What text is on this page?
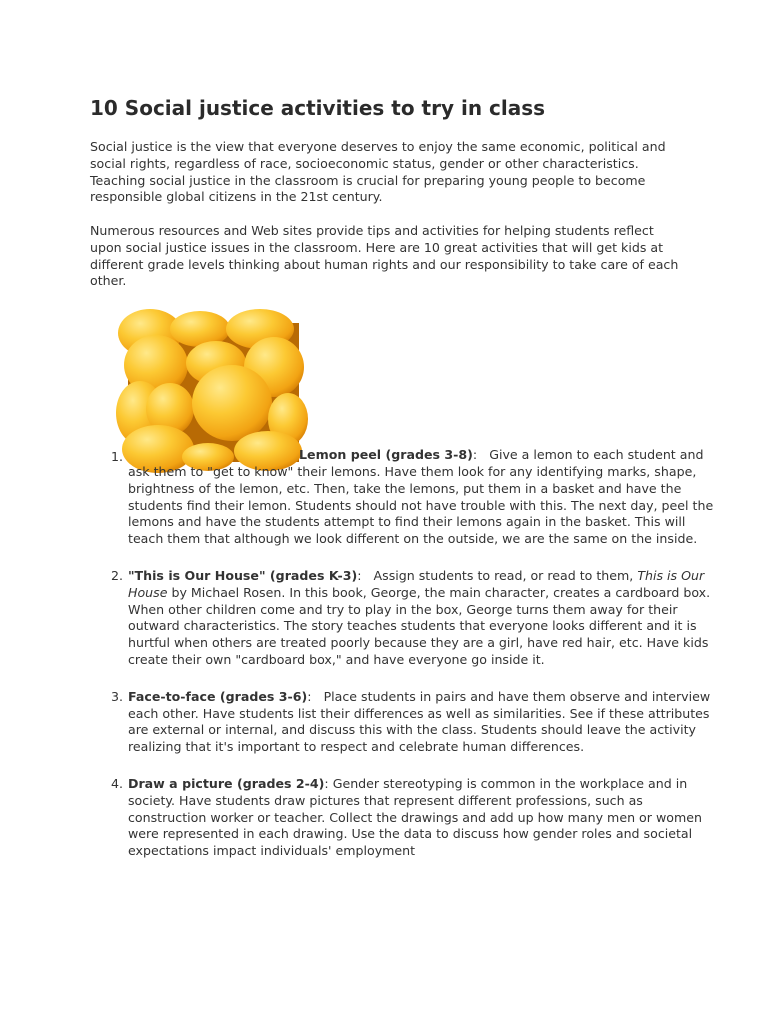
10 Social justice activities to try in class

Social justice is the view that everyone deserves to enjoy the same economic, political and social rights, regardless of race, socioeconomic status, gender or other characteristics. Teaching social justice in the classroom is crucial for preparing young people to become responsible global citizens in the 21st century.

Numerous resources and Web sites provide tips and activities for helping students reflect upon social justice issues in the classroom. Here are 10 great activities that will get kids at different grade levels thinking about human rights and our responsibility to take care of each other.

1.	Lemon peel (grades 3-8): Give a lemon to each student and ask them to "get to know" their lemons. Have them look for any identifying marks, shape, brightness of the lemon, etc. Then, take the lemons, put them in a basket and have the students find their lemon. Students should not have trouble with this. The next day, peel the lemons and have the students attempt to find their lemons again in the basket. This will teach them that although we look different on the outside, we are the same on the inside.
2. "This is Our House" (grades K-3): Assign students to read, or read to them, This is Our House by Michael Rosen. In this book, George, the main character, creates a cardboard box. When other children come and try to play in the box, George turns them away for their outward characteristics. The story teaches students that everyone looks different and it is hurtful when others are treated poorly because they are a girl, have red hair, etc. Have kids create their own "cardboard box," and have everyone go inside it.
3. Face-to-face (grades 3-6): Place students in pairs and have them observe and interview each other. Have students list their differences as well as similarities. See if these attributes are external or internal, and discuss this with the class. Students should leave the activity realizing that it's important to respect and celebrate human differences.
4. Draw a picture (grades 2-4): Gender stereotyping is common in the workplace and in society. Have students draw pictures that represent different professions, such as construction worker or teacher. Collect the drawings and add up how many men or women were represented in each drawing. Use the data to discuss how gender roles and societal expectations impact individuals' employment
